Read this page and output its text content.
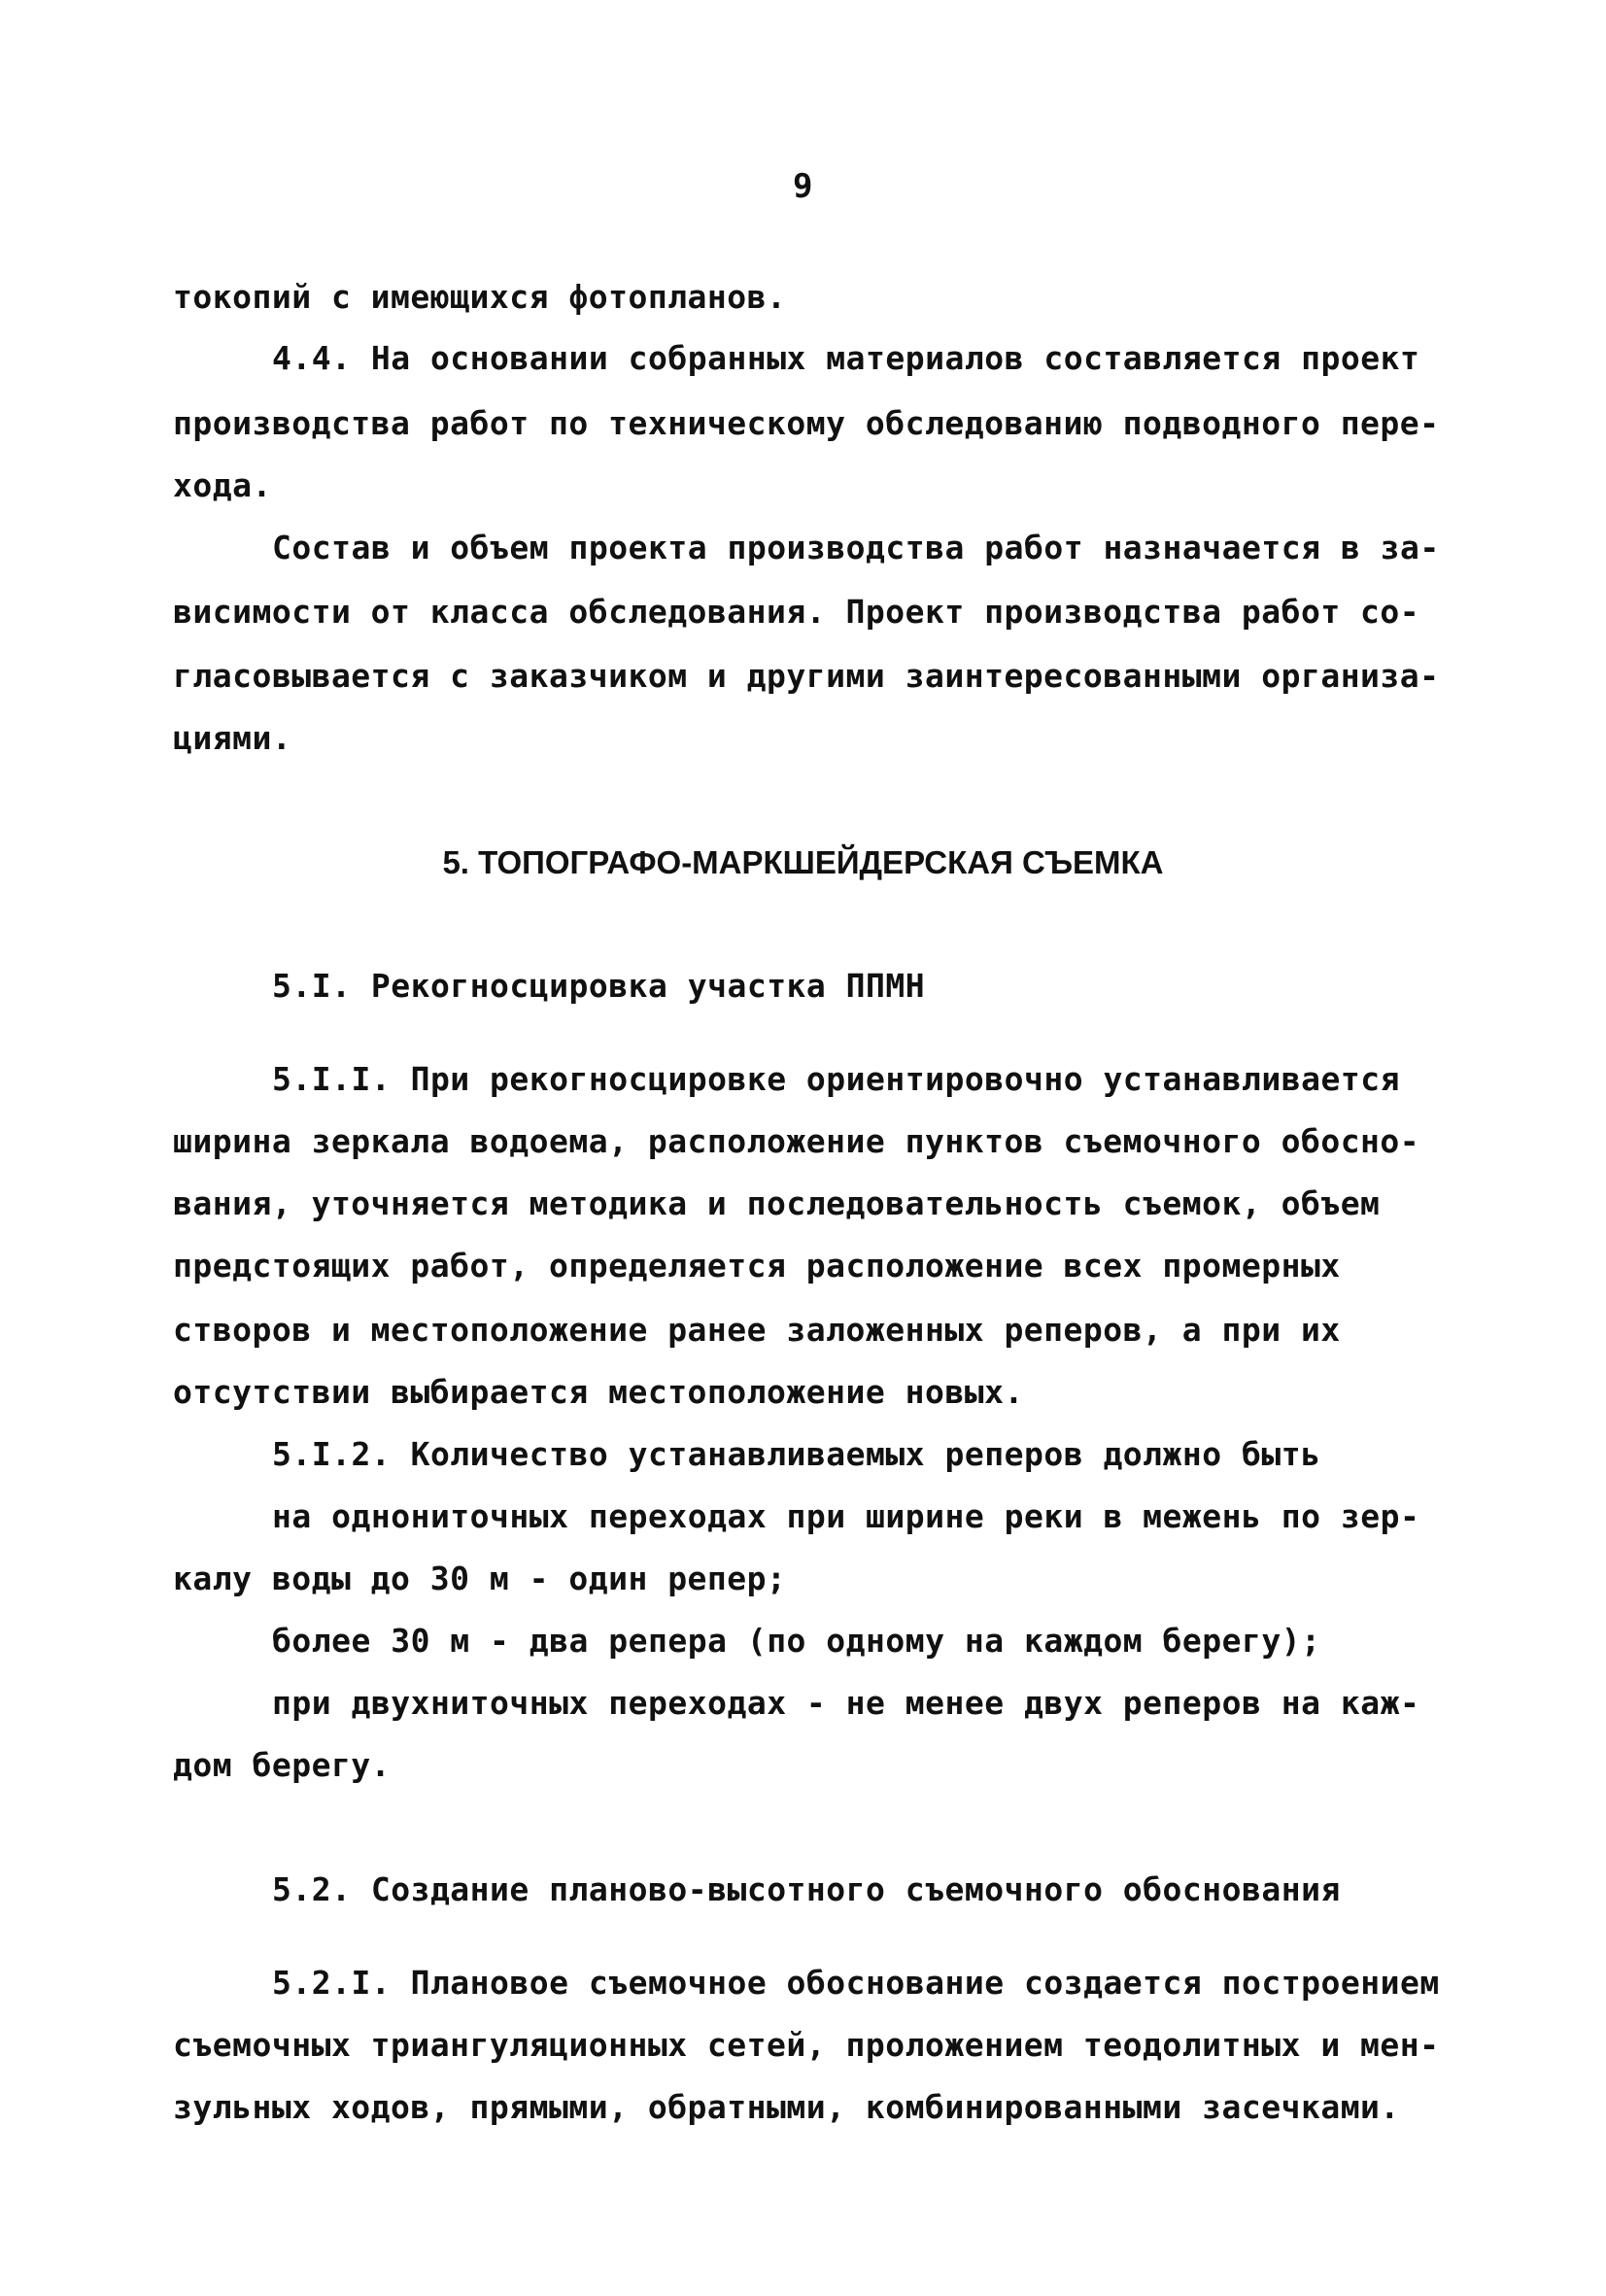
9
токопий с имеющихся фотопланов.
4.4. На основании собранных материалов составляется проект
производства работ по техническому обследованию подводного пере-
хода.
Состав и объем проекта производства работ назначается в за-
висимости от класса обследования. Проект производства работ со-
гласовывается с заказчиком и другими заинтересованными организа-
циями.
5. ТОПОГРАФО-МАРКШЕЙДЕРСКАЯ СЪЕМКА
5.I. Рекогносцировка участка ППМН
5.I.I. При рекогносцировке ориентировочно устанавливается
ширина зеркала водоема, расположение пунктов съемочного обосно-
вания, уточняется методика и последовательность съемок, объем
предстоящих работ, определяется расположение всех промерных
створов и местоположение ранее заложенных реперов, а при их
отсутствии выбирается местоположение новых.
5.I.2. Количество устанавливаемых реперов должно быть
на однониточных переходах при ширине реки в межень по зер-
калу воды до 30 м - один репер;
более 30 м - два репера (по одному на каждом берегу);
при двухниточных переходах - не менее двух реперов на каж-
дом берегу.
5.2. Создание планово-высотного съемочного обоснования
5.2.I. Плановое съемочное обоснование создается построением
съемочных триангуляционных сетей, проложением теодолитных и мен-
зульных ходов, прямыми, обратными, комбинированными засечками.
